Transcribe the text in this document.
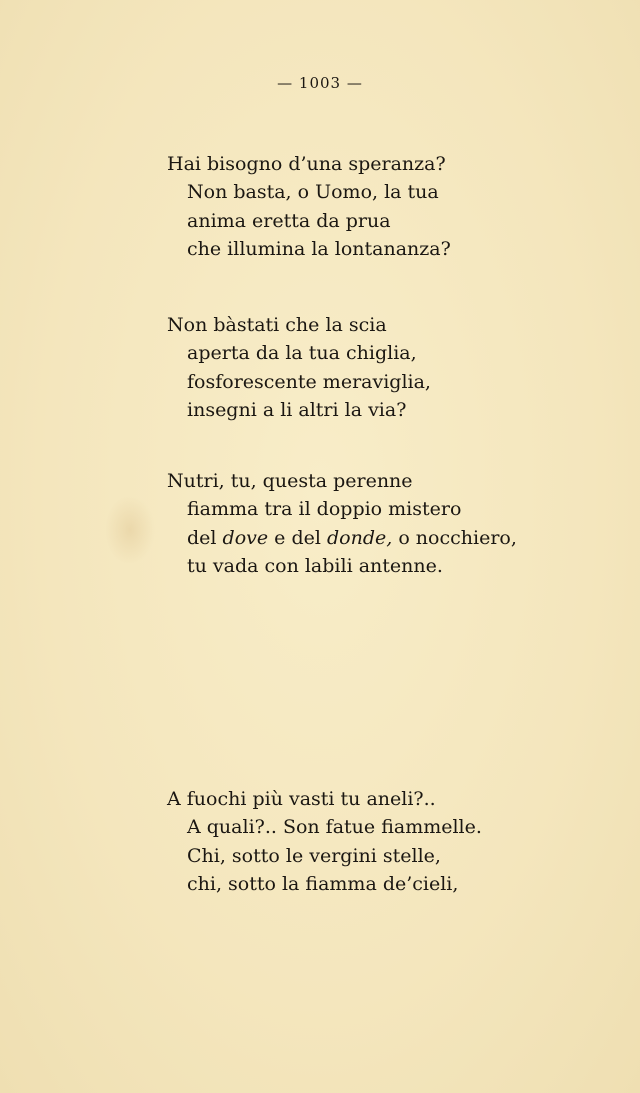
— 1003 —
Hai bisogno d’una speranza?
Non basta, o Uomo, la tua
anima eretta da prua
che illumina la lontananza?
Non bàstati che la scia
aperta da la tua chiglia,
fosforescente meraviglia,
insegni a li altri la via?
Nutri, tu, questa perenne
fiamma tra il doppio mistero
del dove e del donde, o nocchiero,
tu vada con labili antenne.
A fuochi più vasti tu aneli?..
A quali?.. Son fatue fiammelle.
Chi, sotto le vergini stelle,
chi, sotto la fiamma de’cieli,
